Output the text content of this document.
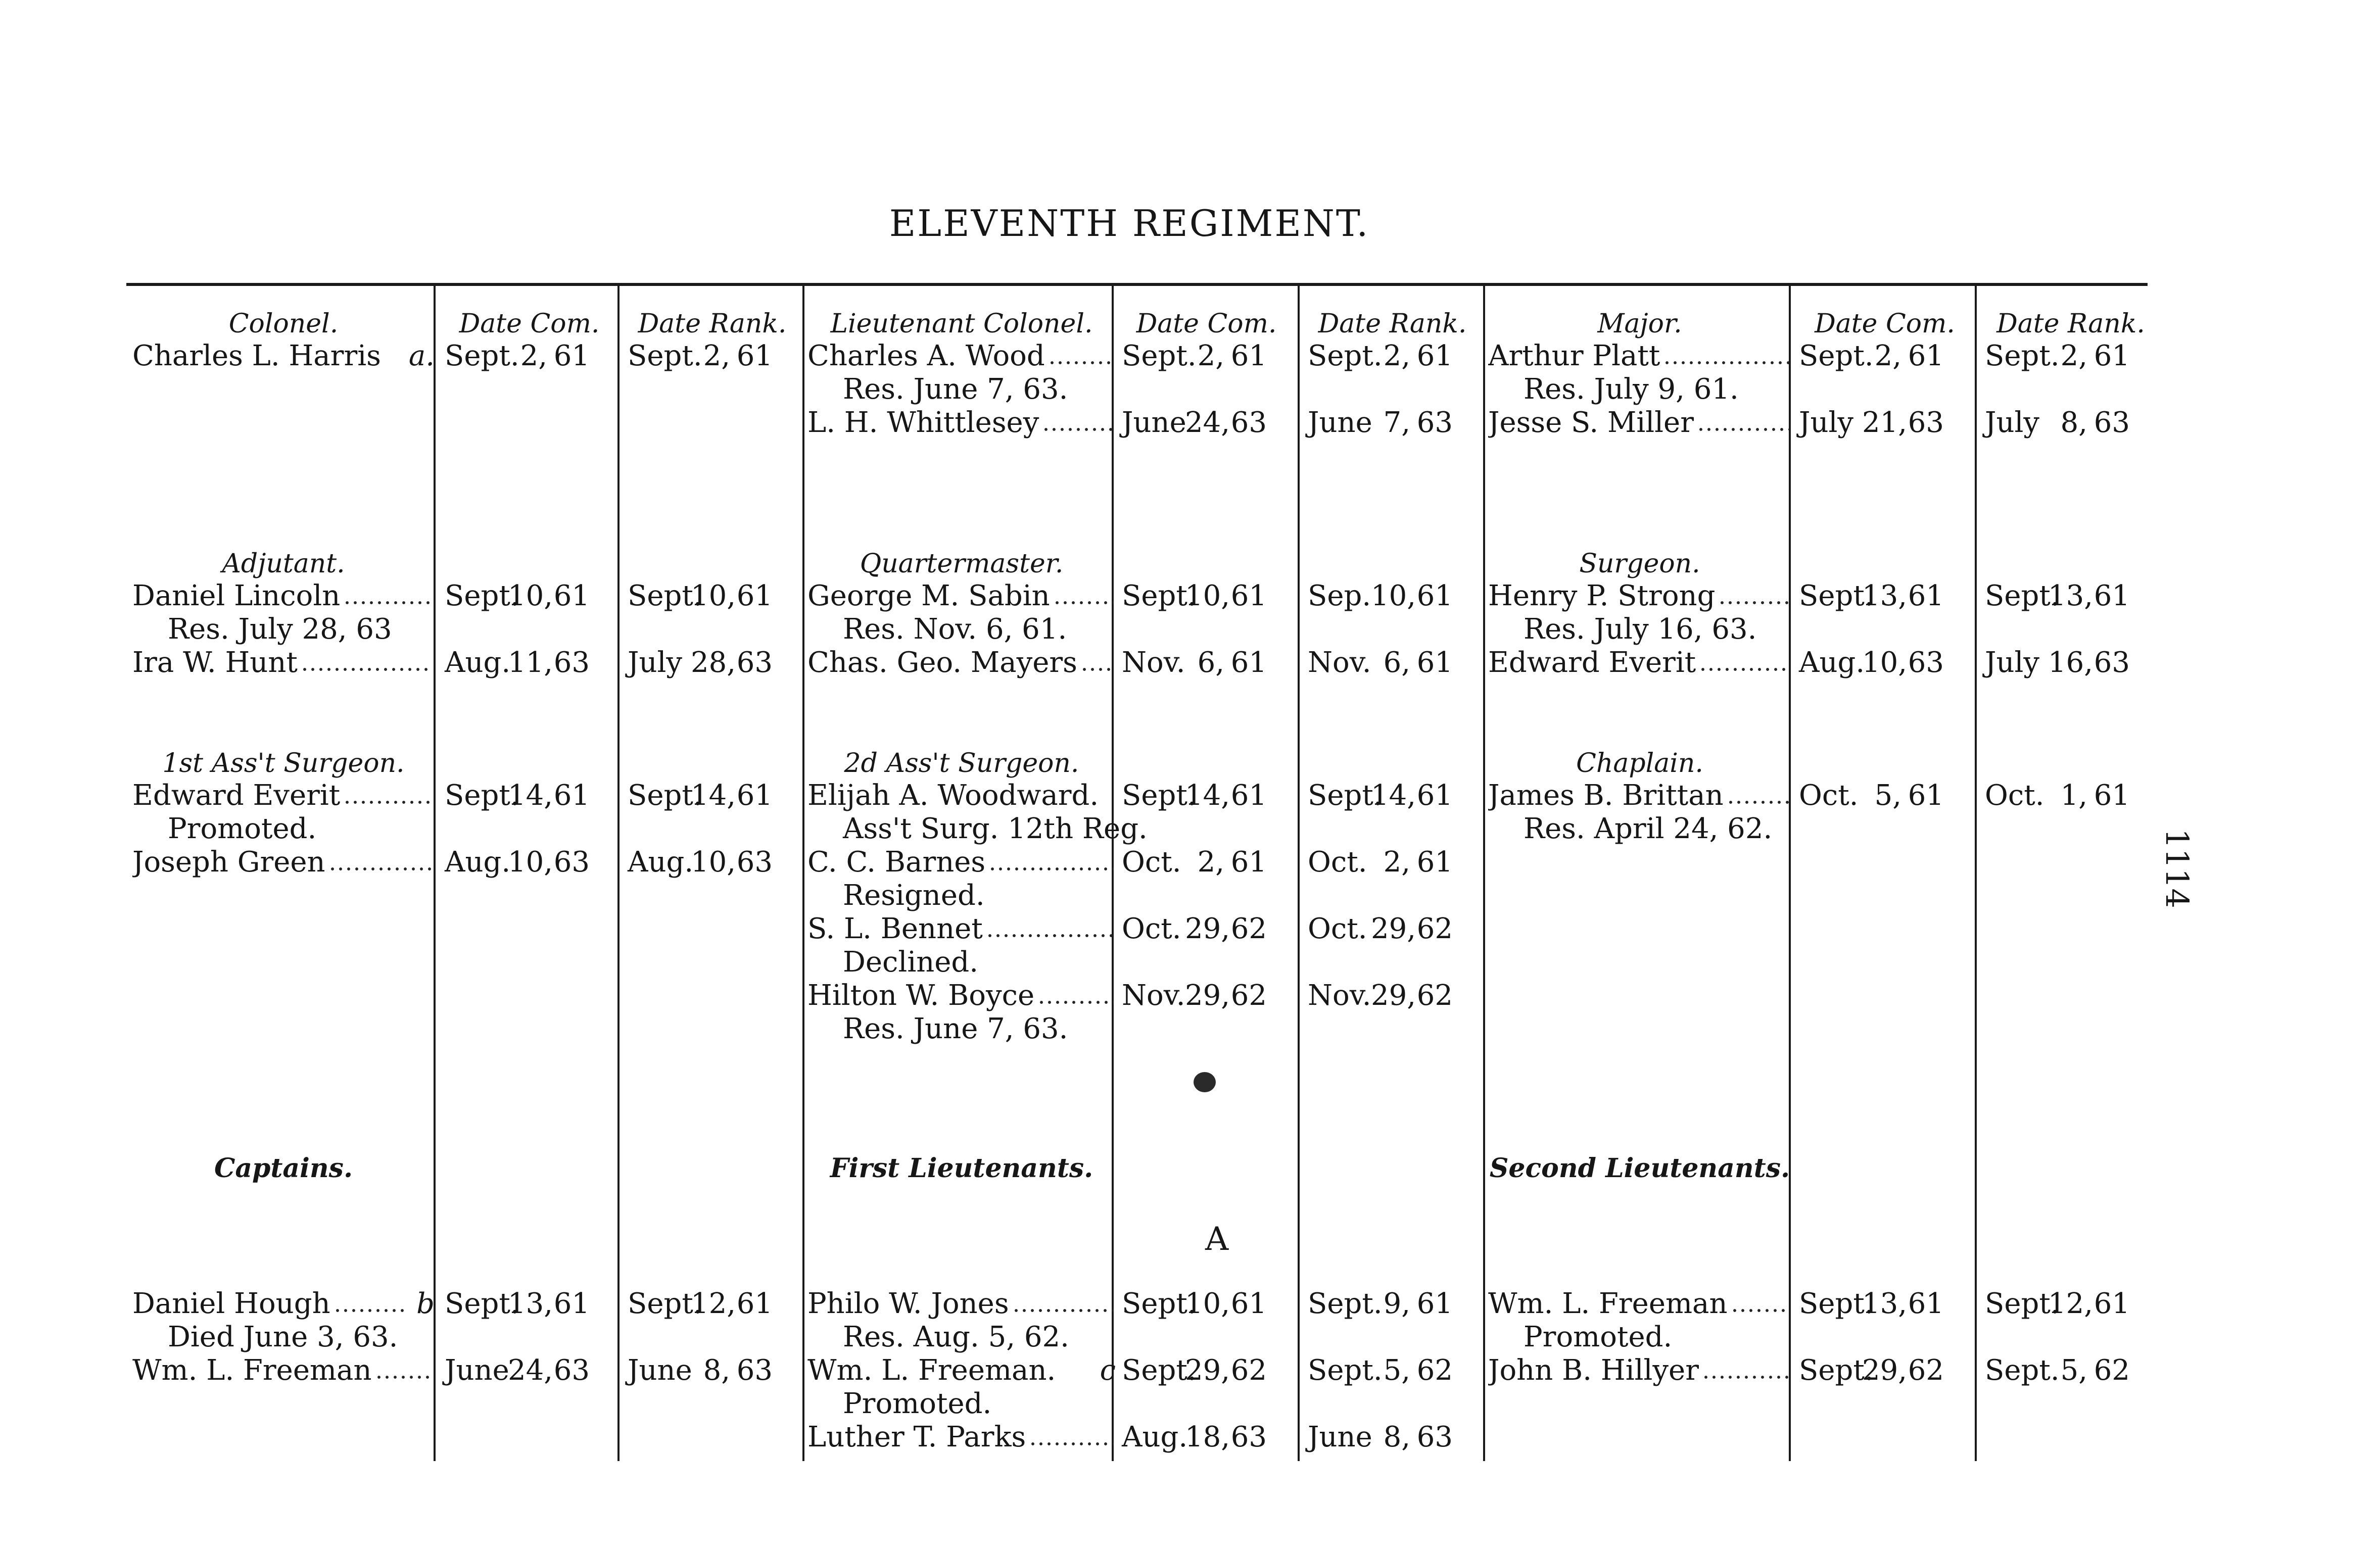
ELEVENTH REGIMENT.
1114
Colonel.	Date Com.	Date Rank.
Charles L. Harris a. Sept.2, 61 Sept.2, 61
Lieutenant Colonel.	Date Com.	Date Rank.
Charles A. Wood	Sept.2, 61 Sept.2, 61
Res. June 7, 63.
L. H. Whittlesey	June24,63 June 7, 63
Major.	Date Com.	Date Rank.
Arthur Platt	Sept.2, 61 Sept.2, 61
Res. July 9, 61.
Jesse S. Miller	July 21,63 July 8, 63
Adjutant.
Daniel Lincoln	Sept.10,61 Sept.10,61
Res. July 28, 63
Ira W. Hunt	Aug.11,63 July 28,63
Quartermaster.
George M. Sabin	Sept.10,61 Sep.10,61
Res. Nov. 6, 61.
Chas. Geo. Mayers Nov. 6, 61 Nov. 6, 61
Surgeon.
Henry P. Strong	Sept.13,61 Sept.13,61
Res. July 16, 63.
Edward Everit	Aug.10,63 July 16,63
1st Ass't Surgeon.
Edward Everit	Sept.14,61 Sept.14,61
Promoted.
Joseph Green	Aug.10,63 Aug.10,63
2d Ass't Surgeon.
Elijah A. Woodward. Sept.14,61 Sept.14,61
Ass't Surg. 12th Reg.
C. C. Barnes	Oct. 2, 61 Oct. 2, 61
Resigned.
S. L. Bennet	Oct. 29,62 Oct. 29,62
Declined.
Hilton W. Boyce	Nov.29,62 Nov.29,62
Res. June 7, 63.
Chaplain.
James B. Brittan	Oct. 5, 61 Oct. 1, 61
Res. April 24, 62.
Captains.	First Lieutenants.	Second Lieutenants.
A
Daniel Hough	b Sept.13,61 Sept.12,61
Died June 3, 63.
Wm. L. Freeman	June24,63 June 8, 63
Philo W. Jones	Sept.10,61 Sept.9, 61
Res. Aug. 5, 62.
Wm. L. Freeman. c Sept.29,62 Sept.5, 62
Promoted.
Luther T. Parks	Aug.18,63 June 8, 63
Wm. L. Freeman	Sept.13,61 Sept.12,61
Promoted.
John B. Hillyer	Sept.29,62 Sept.5, 62
